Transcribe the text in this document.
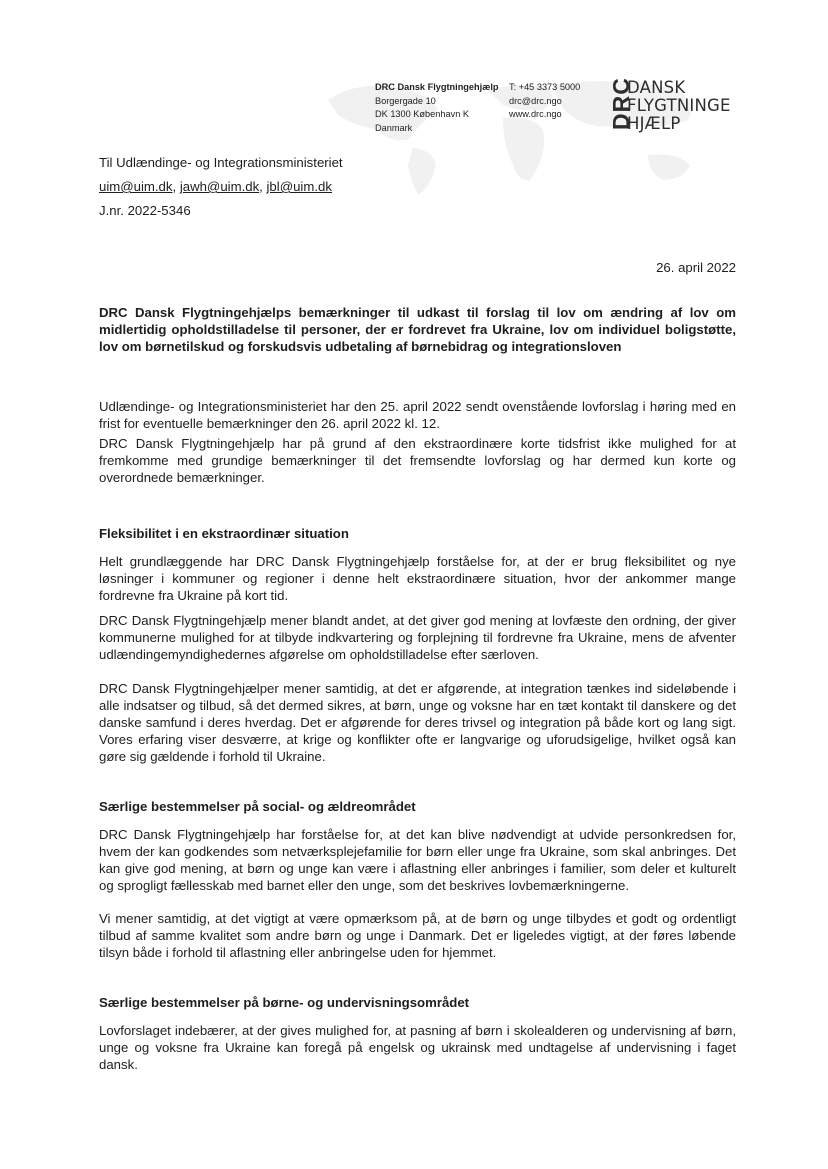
DRC Dansk Flygtningehjælp
Borgergade 10
DK 1300 København K
Danmark
T: +45 3373 5000
drc@drc.ngo
www.drc.ngo	DRC
DANSK
FLYGTNINGE
HJÆLP
Til Udlændinge- og Integrationsministeriet
uim@uim.dk, jawh@uim.dk, jbl@uim.dk
J.nr. 2022-5346
26. april 2022
DRC Dansk Flygtningehjælps bemærkninger til udkast til forslag til lov om ændring af lov om midlertidig opholdstilladelse til personer, der er fordrevet fra Ukraine, lov om individuel boligstøtte, lov om børnetilskud og forskudsvis udbetaling af børnebidrag og integrationsloven

Udlændinge- og Integrationsministeriet har den 25. april 2022 sendt ovenstående lovforslag i høring med en frist for eventuelle bemærkninger den 26. april 2022 kl. 12.

DRC Dansk Flygtningehjælp har på grund af den ekstraordinære korte tidsfrist ikke mulighed for at fremkomme med grundige bemærkninger til det fremsendte lovforslag og har dermed kun korte og overordnede bemærkninger.

Fleksibilitet i en ekstraordinær situation

Helt grundlæggende har DRC Dansk Flygtningehjælp forståelse for, at der er brug fleksibilitet og nye løsninger i kommuner og regioner i denne helt ekstraordinære situation, hvor der ankommer mange fordrevne fra Ukraine på kort tid.

DRC Dansk Flygtningehjælp mener blandt andet, at det giver god mening at lovfæste den ordning, der giver kommunerne mulighed for at tilbyde indkvartering og forplejning til fordrevne fra Ukraine, mens de afventer udlændingemyndighedernes afgørelse om opholdstilladelse efter særloven.

DRC Dansk Flygtningehjælper mener samtidig, at det er afgørende, at integration tænkes ind sideløbende i alle indsatser og tilbud, så det dermed sikres, at børn, unge og voksne har en tæt kontakt til danskere og det danske samfund i deres hverdag. Det er afgørende for deres trivsel og integration på både kort og lang sigt. Vores erfaring viser desværre, at krige og konflikter ofte er langvarige og uforudsigelige, hvilket også kan gøre sig gældende i forhold til Ukraine.

Særlige bestemmelser på social- og ældreområdet

DRC Dansk Flygtningehjælp har forståelse for, at det kan blive nødvendigt at udvide personkredsen for, hvem der kan godkendes som netværksplejefamilie for børn eller unge fra Ukraine, som skal anbringes. Det kan give god mening, at børn og unge kan være i aflastning eller anbringes i familier, som deler et kulturelt og sprogligt fællesskab med barnet eller den unge, som det beskrives lovbemærkningerne.

Vi mener samtidig, at det vigtigt at være opmærksom på, at de børn og unge tilbydes et godt og ordentligt tilbud af samme kvalitet som andre børn og unge i Danmark. Det er ligeledes vigtigt, at der føres løbende tilsyn både i forhold til aflastning eller anbringelse uden for hjemmet.

Særlige bestemmelser på børne- og undervisningsområdet

Lovforslaget indebærer, at der gives mulighed for, at pasning af børn i skolealderen og undervisning af børn, unge og voksne fra Ukraine kan foregå på engelsk og ukrainsk med undtagelse af undervisning i faget dansk.
